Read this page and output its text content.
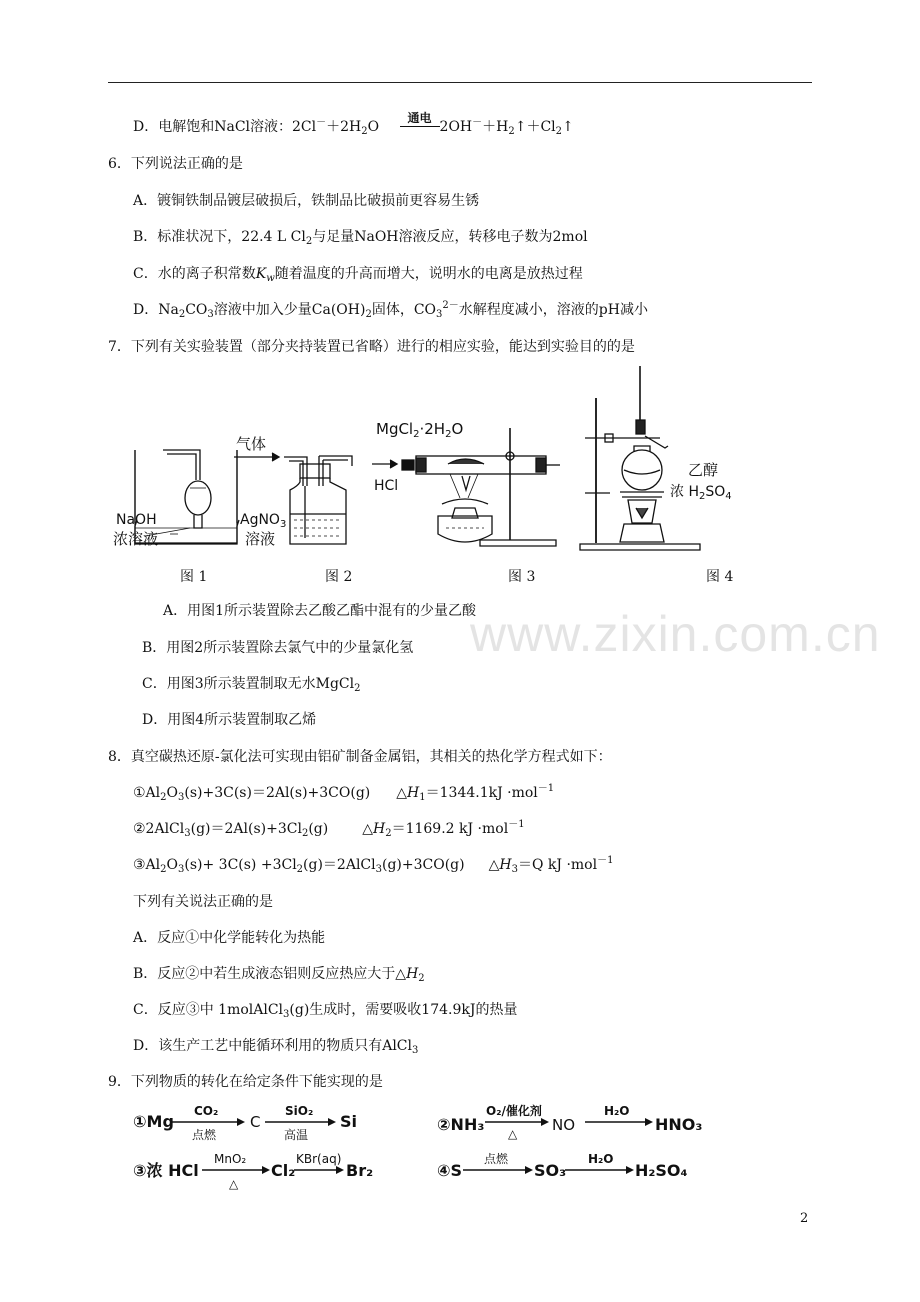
www.zixin.com.cn
D．电解饱和NaCl溶液：$2Cl^-+2H_2O$
通电
$2OH^-+H_2↑+Cl_2↑$
6．下列说法正确的是
A．镀铜铁制品镀层破损后，铁制品比破损前更容易生锈
B．标准状况下，22.4 L $Cl_2$与足量NaOH溶液反应，转移电子数为2mol
C．水的离子积常数$K_w$随着温度的升高而增大，说明水的电离是放热过程
D．$Na_2CO_3$溶液中加入少量$Ca(OH)_2$固体，$CO_3^{2-}$水解程度减小，溶液的pH减小
7．下列有关实验装置（部分夹持装置已省略）进行的相应实验，能达到实验目的的是
NaOH
浓溶液
气体
AgNO$_3$
溶液
$MgCl_2\cdot 2H_2O$
HCl
乙醇
浓 $H_2SO_4$
图 1	图 2	图 3	图 4
A．用图1所示装置除去乙酸乙酯中混有的少量乙酸
B．用图2所示装置除去氯气中的少量氯化氢
C．用图3所示装置制取无水MgCl$_2$
D．用图4所示装置制取乙烯
8．真空碳热还原-氯化法可实现由铝矿制备金属铝，其相关的热化学方程式如下：
$①Al_2O_3(s)+3C(s)=2Al(s)+3CO(g)$ $\triangle H_1=1344.1kJ \cdot mol^{-1}$
$②2AlCl_3(g)=2Al(s)+3Cl_2(g)$ $\triangle H_2=1169.2$ kJ ·mol$^{-1}$
$③Al_2O_3(s)+ 3C(s)$ $+3Cl_2(g)=2AlCl_3(g)+3CO(g)$ $\triangle H_3=Q$ kJ ·mol$^{-1}$
下列有关说法正确的是
A．反应①中化学能转化为热能
B．反应②中若生成液态铝则反应热应大于$\triangle H_2$
C．反应③中 1molAlCl$_3$(g)生成时，需要吸收174.9kJ的热量
D．该生产工艺中能循环利用的物质只有AlCl$_3$
9．下列物质的转化在给定条件下能实现的是
①Mg
CO₂
点燃
C
SiO₂
高温
Si	②NH₃
O₂/催化剂
△ NO
H₂O
HNO₃
③浓 HCl
MnO₂
△
Cl₂
KBr(aq)
Br₂	④S
点燃
SO₃
H₂O
H₂SO₄
2
